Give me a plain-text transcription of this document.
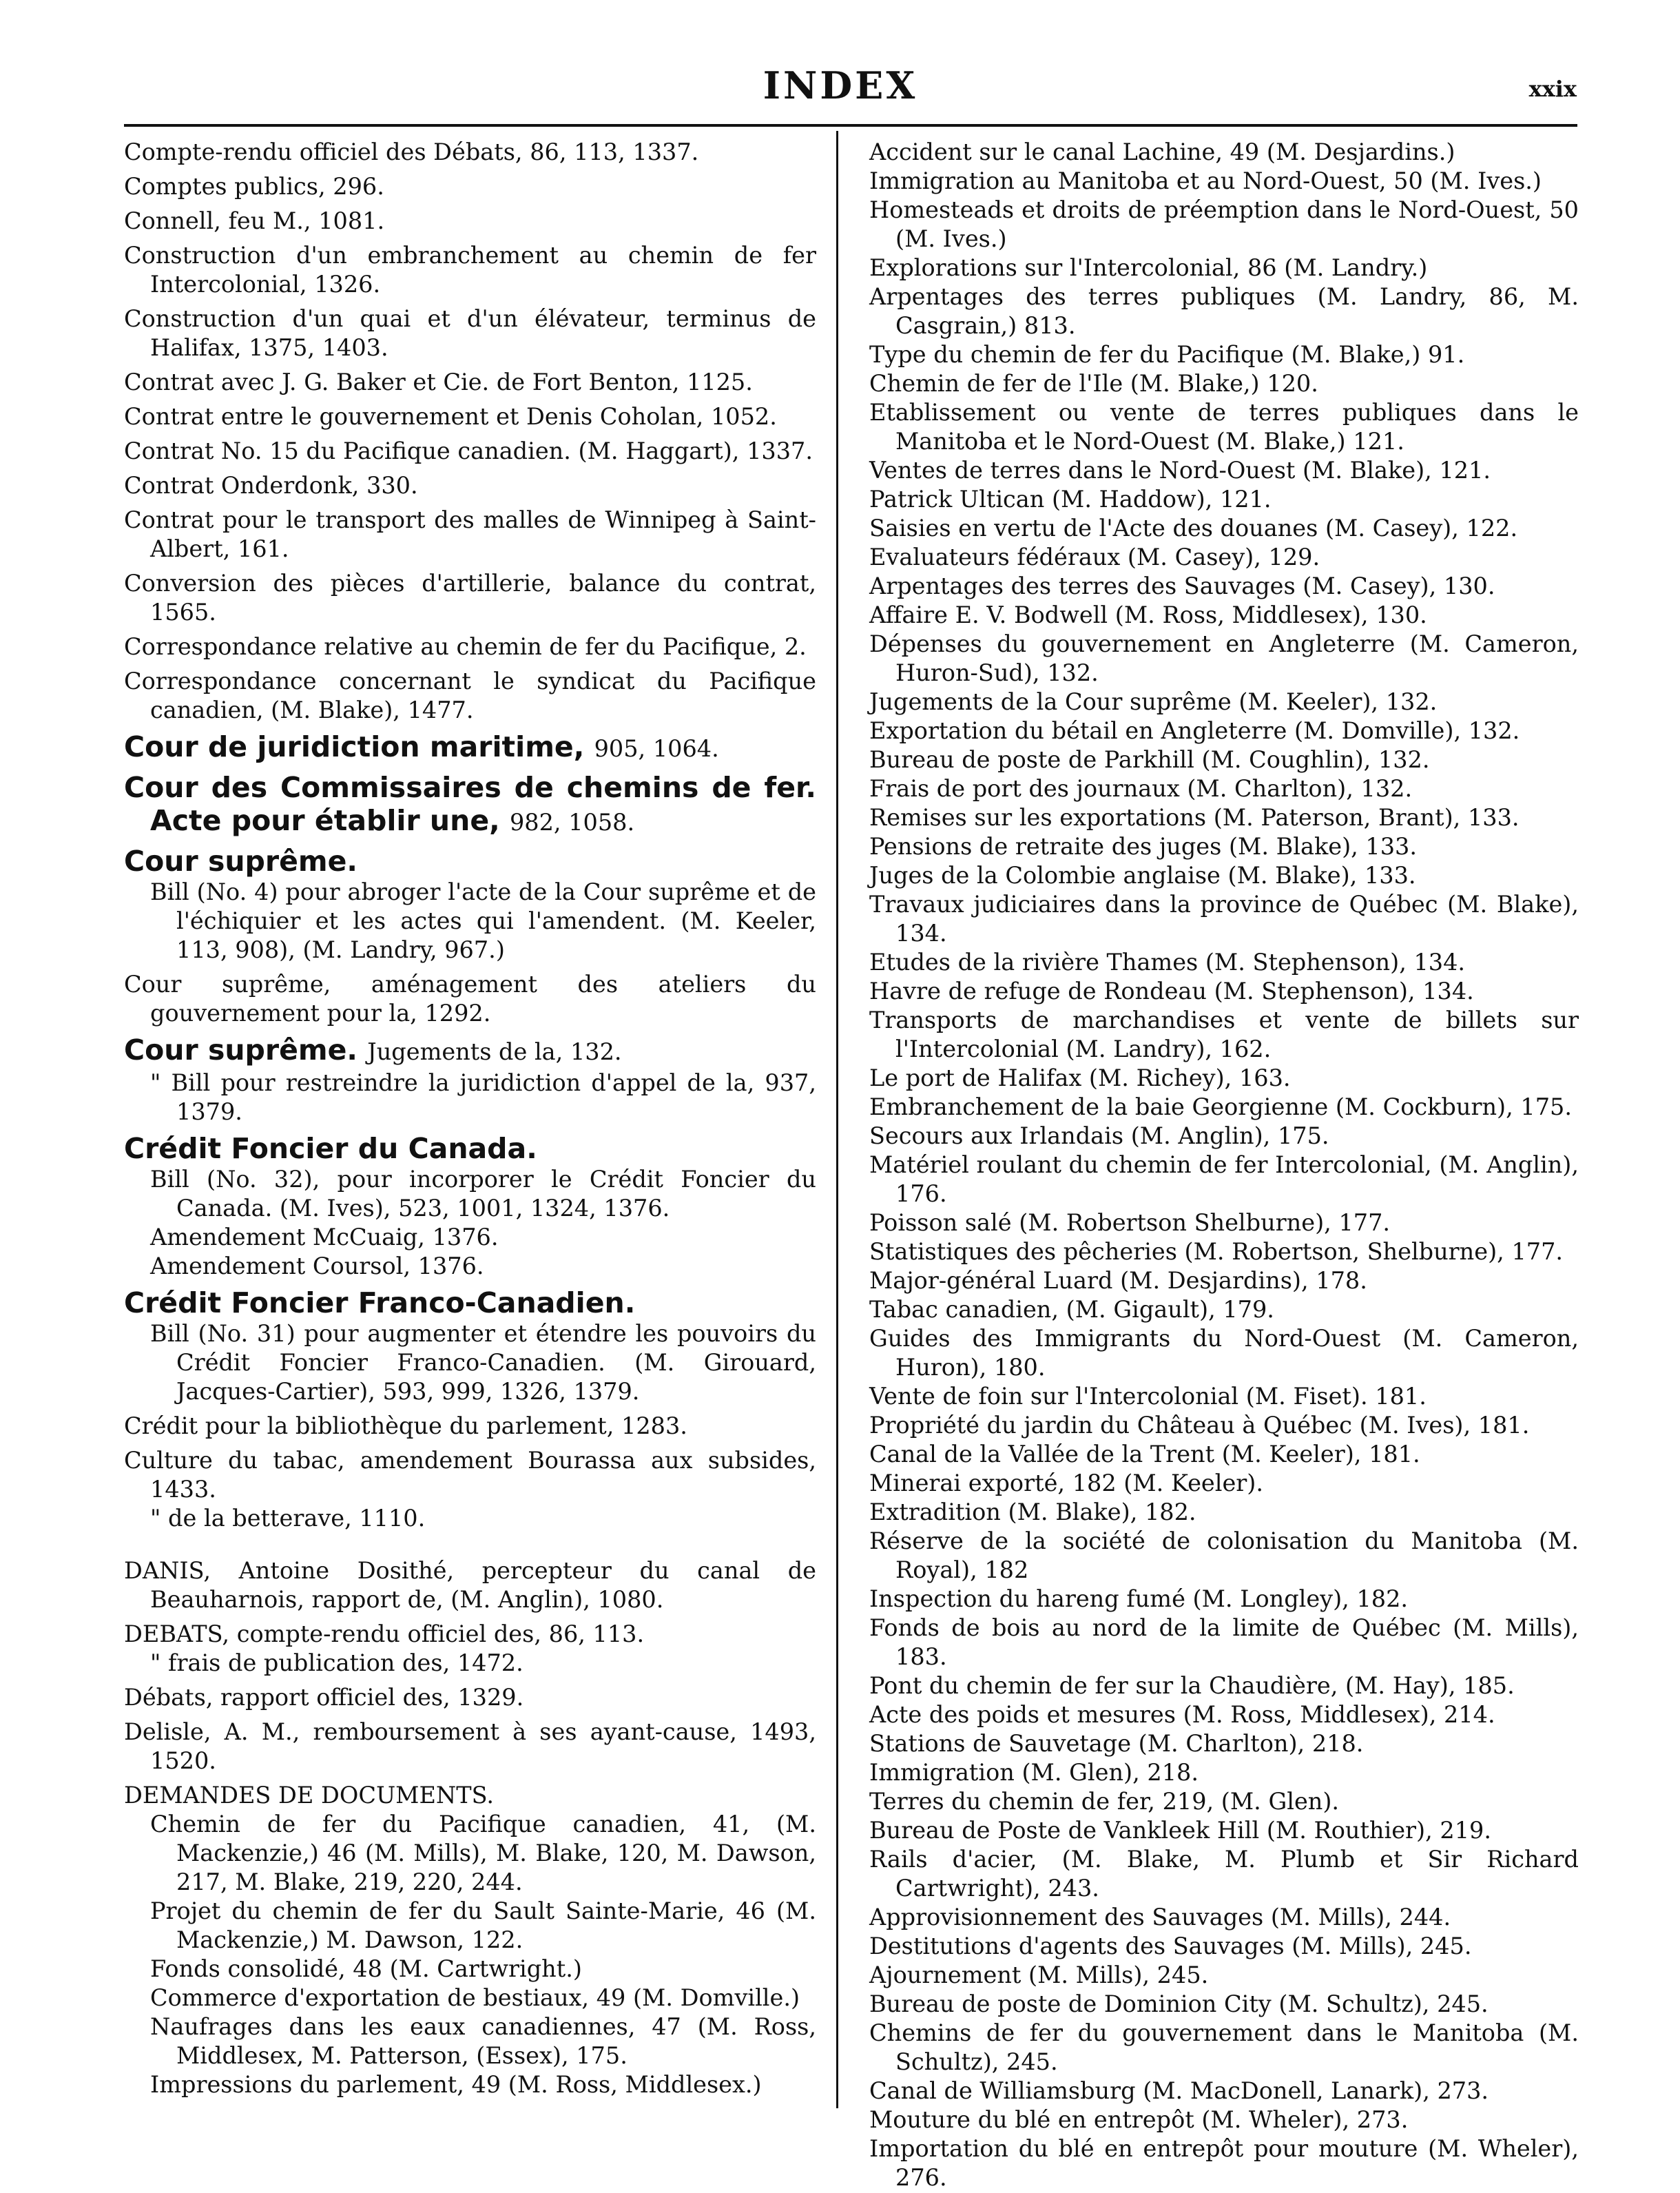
INDEX	xxix

Compte-rendu officiel des Débats, 86, 113, 1337.

Comptes publics, 296.

Connell, feu M., 1081.

Construction d'un embranchement au chemin de fer Intercolonial, 1326.

Construction d'un quai et d'un élévateur, terminus de Halifax, 1375, 1403.

Contrat avec J. G. Baker et Cie. de Fort Benton, 1125.

Contrat entre le gouvernement et Denis Coholan, 1052.

Contrat No. 15 du Pacifique canadien. (M. Haggart), 1337.

Contrat Onderdonk, 330.

Contrat pour le transport des malles de Winnipeg à Saint-Albert, 161.

Conversion des pièces d'artillerie, balance du contrat, 1565.

Correspondance relative au chemin de fer du Pacifique, 2.

Correspondance concernant le syndicat du Pacifique canadien, (M. Blake), 1477.

Cour de juridiction maritime, 905, 1064.

Cour des Commissaires de chemins de fer. Acte pour établir une, 982, 1058.

Cour suprême.

Bill (No. 4) pour abroger l'acte de la Cour suprême et de l'échiquier et les actes qui l'amendent. (M. Keeler, 113, 908), (M. Landry, 967.)

Cour suprême, aménagement des ateliers du gouvernement pour la, 1292.

Cour suprême. Jugements de la, 132.

" Bill pour restreindre la juridiction d'appel de la, 937, 1379.

Crédit Foncier du Canada.

Bill (No. 32), pour incorporer le Crédit Foncier du Canada. (M. Ives), 523, 1001, 1324, 1376.

Amendement McCuaig, 1376.

Amendement Coursol, 1376.

Crédit Foncier Franco-Canadien.

Bill (No. 31) pour augmenter et étendre les pouvoirs du Crédit Foncier Franco-Canadien. (M. Girouard, Jacques-Cartier), 593, 999, 1326, 1379.

Crédit pour la bibliothèque du parlement, 1283.

Culture du tabac, amendement Bourassa aux subsides, 1433.

" de la betterave, 1110.

DANIS, Antoine Dosithé, percepteur du canal de Beauharnois, rapport de, (M. Anglin), 1080.

DEBATS, compte-rendu officiel des, 86, 113.

" frais de publication des, 1472.

Débats, rapport officiel des, 1329.

Delisle, A. M., remboursement à ses ayant-cause, 1493, 1520.

DEMANDES DE DOCUMENTS.

Chemin de fer du Pacifique canadien, 41, (M. Mackenzie,) 46 (M. Mills), M. Blake, 120, M. Dawson, 217, M. Blake, 219, 220, 244.

Projet du chemin de fer du Sault Sainte-Marie, 46 (M. Mackenzie,) M. Dawson, 122.

Fonds consolidé, 48 (M. Cartwright.)

Commerce d'exportation de bestiaux, 49 (M. Domville.)

Naufrages dans les eaux canadiennes, 47 (M. Ross, Middlesex, M. Patterson, (Essex), 175.

Impressions du parlement, 49 (M. Ross, Middlesex.)

Accident sur le canal Lachine, 49 (M. Desjardins.)

Immigration au Manitoba et au Nord-Ouest, 50 (M. Ives.)

Homesteads et droits de préemption dans le Nord-Ouest, 50 (M. Ives.)

Explorations sur l'Intercolonial, 86 (M. Landry.)

Arpentages des terres publiques (M. Landry, 86, M. Casgrain,) 813.

Type du chemin de fer du Pacifique (M. Blake,) 91.

Chemin de fer de l'Ile (M. Blake,) 120.

Etablissement ou vente de terres publiques dans le Manitoba et le Nord-Ouest (M. Blake,) 121.

Ventes de terres dans le Nord-Ouest (M. Blake), 121.

Patrick Ultican (M. Haddow), 121.

Saisies en vertu de l'Acte des douanes (M. Casey), 122.

Evaluateurs fédéraux (M. Casey), 129.

Arpentages des terres des Sauvages (M. Casey), 130.

Affaire E. V. Bodwell (M. Ross, Middlesex), 130.

Dépenses du gouvernement en Angleterre (M. Cameron, Huron-Sud), 132.

Jugements de la Cour suprême (M. Keeler), 132.

Exportation du bétail en Angleterre (M. Domville), 132.

Bureau de poste de Parkhill (M. Coughlin), 132.

Frais de port des journaux (M. Charlton), 132.

Remises sur les exportations (M. Paterson, Brant), 133.

Pensions de retraite des juges (M. Blake), 133.

Juges de la Colombie anglaise (M. Blake), 133.

Travaux judiciaires dans la province de Québec (M. Blake), 134.

Etudes de la rivière Thames (M. Stephenson), 134.

Havre de refuge de Rondeau (M. Stephenson), 134.

Transports de marchandises et vente de billets sur l'Intercolonial (M. Landry), 162.

Le port de Halifax (M. Richey), 163.

Embranchement de la baie Georgienne (M. Cockburn), 175.

Secours aux Irlandais (M. Anglin), 175.

Matériel roulant du chemin de fer Intercolonial, (M. Anglin), 176.

Poisson salé (M. Robertson Shelburne), 177.

Statistiques des pêcheries (M. Robertson, Shelburne), 177.

Major-général Luard (M. Desjardins), 178.

Tabac canadien, (M. Gigault), 179.

Guides des Immigrants du Nord-Ouest (M. Cameron, Huron), 180.

Vente de foin sur l'Intercolonial (M. Fiset). 181.

Propriété du jardin du Château à Québec (M. Ives), 181.

Canal de la Vallée de la Trent (M. Keeler), 181.

Minerai exporté, 182 (M. Keeler).

Extradition (M. Blake), 182.

Réserve de la société de colonisation du Manitoba (M. Royal), 182

Inspection du hareng fumé (M. Longley), 182.

Fonds de bois au nord de la limite de Québec (M. Mills), 183.

Pont du chemin de fer sur la Chaudière, (M. Hay), 185.

Acte des poids et mesures (M. Ross, Middlesex), 214.

Stations de Sauvetage (M. Charlton), 218.

Immigration (M. Glen), 218.

Terres du chemin de fer, 219, (M. Glen).

Bureau de Poste de Vankleek Hill (M. Routhier), 219.

Rails d'acier, (M. Blake, M. Plumb et Sir Richard Cartwright), 243.

Approvisionnement des Sauvages (M. Mills), 244.

Destitutions d'agents des Sauvages (M. Mills), 245.

Ajournement (M. Mills), 245.

Bureau de poste de Dominion City (M. Schultz), 245.

Chemins de fer du gouvernement dans le Manitoba (M. Schultz), 245.

Canal de Williamsburg (M. MacDonell, Lanark), 273.

Mouture du blé en entrepôt (M. Wheler), 273.

Importation du blé en entrepôt pour mouture (M. Wheler), 276.
